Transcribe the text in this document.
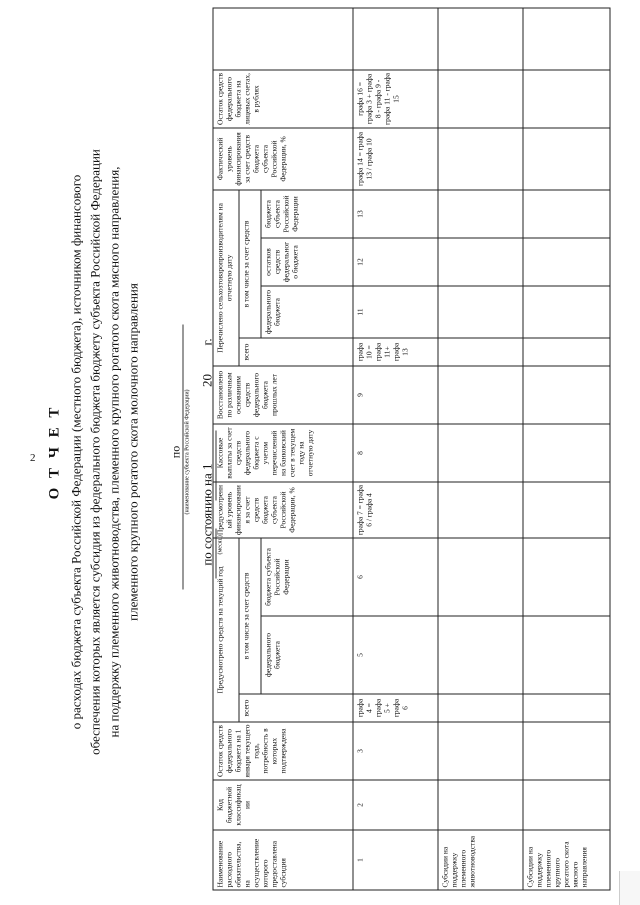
2 О Т Ч Е Т о расходах бюджета субъекта Российской Федерации (местного бюджета), источником финансового обеспечения которых является субсидия из федерального бюджета бюджету субъекта Российской Федерации на поддержку племенного животноводства, племенного крупного рогатого скота мясного направления, племенного крупного рогатого скота молочного направления по (наименование субъекта Российской Федерации)
по состоянию на 1  20  г.
(месяц)
Наименование расходного обязательства, на осуществление которого предоставлена субсидия	Код бюджетной классификации	Остаток средств федерального бюджета на 1 января текущего года, потребность в которых подтверждена	Предусмотрено средств на текущий год			Предусмотренный уровень финансирования за счет средств бюджета субъекта Российской Федерации, %	Кассовые выплаты за счет средств федерального бюджета с учетом перечислений на банковский счет в текущем году на отчетную дату	Восстановлено по различным основаниям средств федерального бюджета прошлых лет	Перечислено сельхозтоваропроизводителям на отчетную дату				Фактический уровень финансирования за счет средств бюджета субъекта Российской Федерации, %	Остаток средств федерального бюджета на лицевых счетах, в рублях	
			всего	в том числе за счет средств					всего	в том числе за счет средств					
				федерального бюджета	бюджета субъекта Российской Федерации					федерального бюджета	остатков средств федерального бюджета	бюджета субъекта Российской Федерации			
1	2	3	графа 4 = графа 5 + графа 6	5	6	графа 7 = графа 6 / графа 4	8	9	графа 10 = графа 11+ графа 13	11	12	13	графа 14 = графа 13 / графа 10	графа 16 = графа 3 + графа 8 - графа 9 - графа 11 - графа 15	
Субсидии на поддержку племенного животноводства															
Субсидии на поддержку племенного крупного рогатого скота мясного направления															
